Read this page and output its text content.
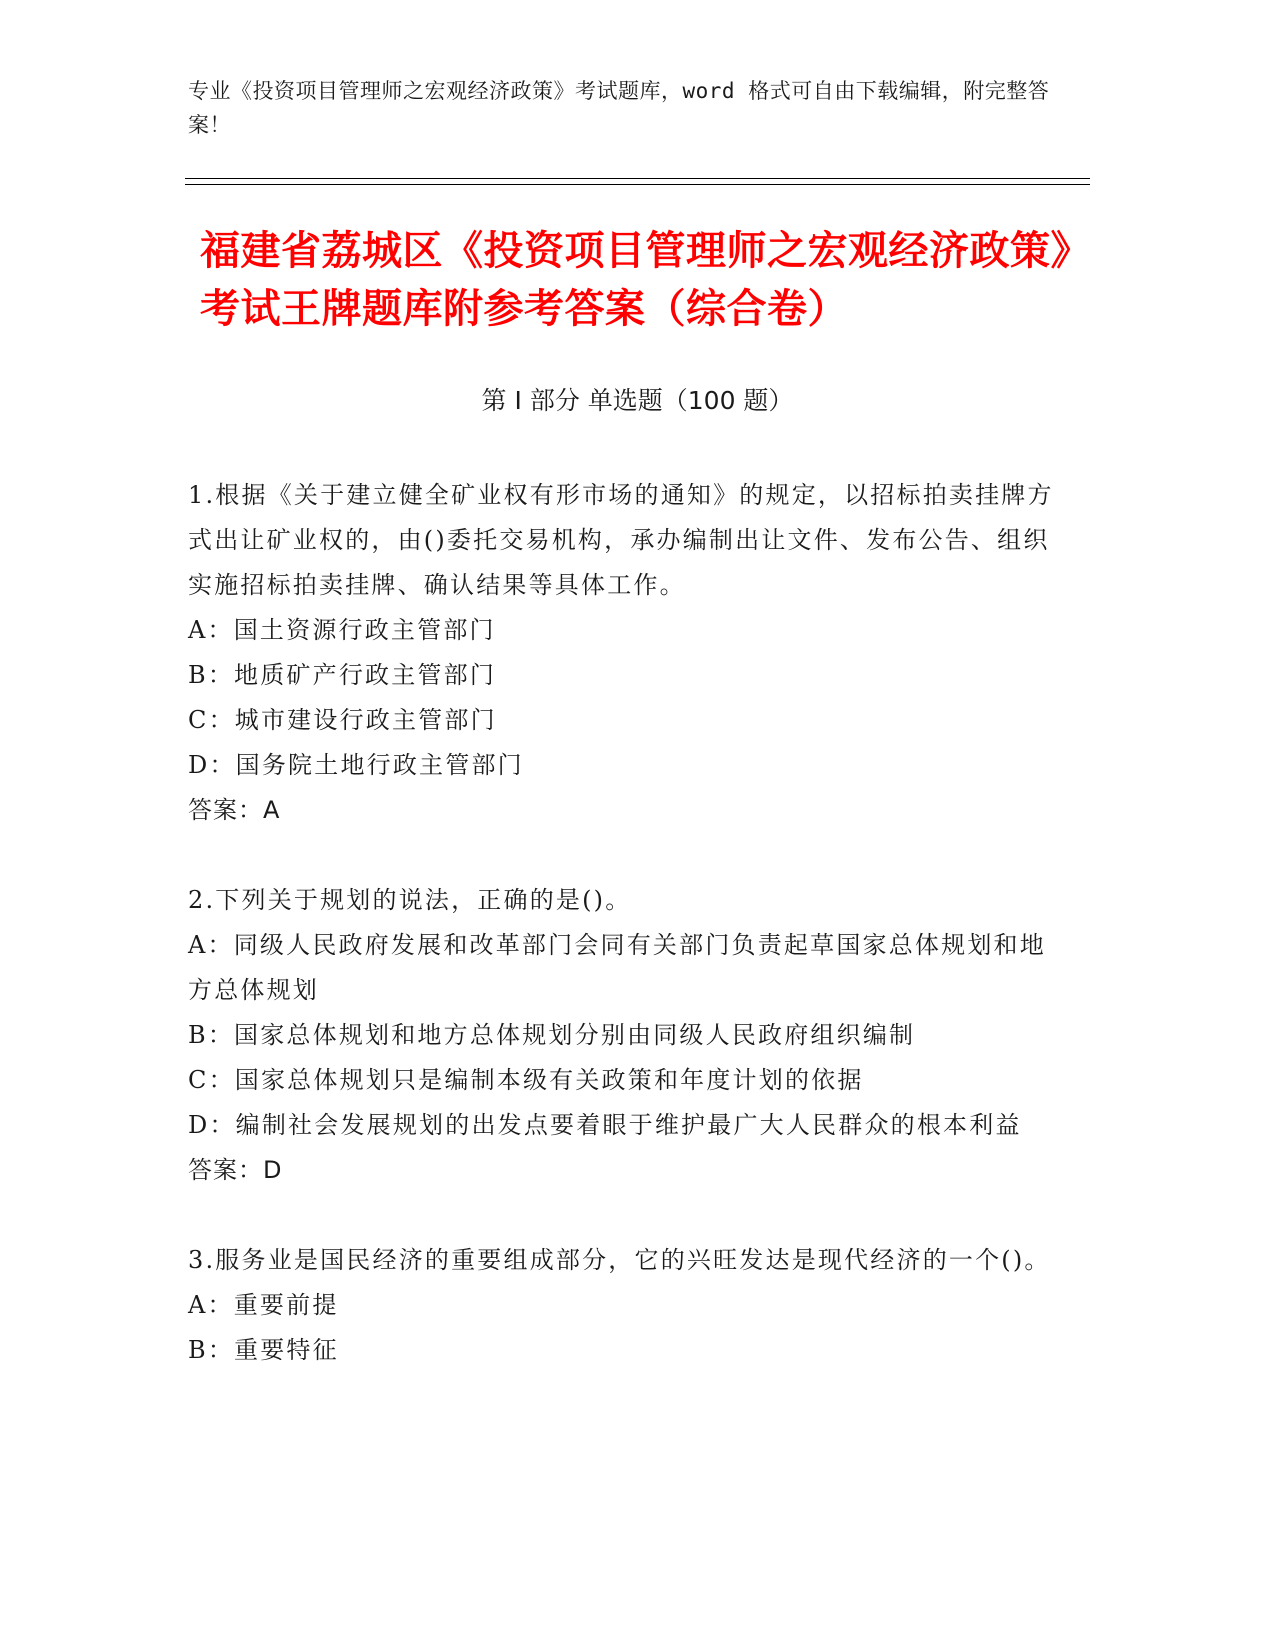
专业《投资项目管理师之宏观经济政策》考试题库，word 格式可自由下载编辑，附完整答案！
福建省荔城区《投资项目管理师之宏观经济政策》考试王牌题库附参考答案（综合卷）
第 I 部分 单选题（100 题）

1.根据《关于建立健全矿业权有形市场的通知》的规定，以招标拍卖挂牌方式出让矿业权的，由()委托交易机构，承办编制出让文件、发布公告、组织实施招标拍卖挂牌、确认结果等具体工作。

A：国土资源行政主管部门

B：地质矿产行政主管部门

C：城市建设行政主管部门

D：国务院土地行政主管部门

答案：A

2.下列关于规划的说法，正确的是()。

A：同级人民政府发展和改革部门会同有关部门负责起草国家总体规划和地方总体规划

B：国家总体规划和地方总体规划分别由同级人民政府组织编制

C：国家总体规划只是编制本级有关政策和年度计划的依据

D：编制社会发展规划的出发点要着眼于维护最广大人民群众的根本利益

答案：D

3.服务业是国民经济的重要组成部分，它的兴旺发达是现代经济的一个()。

A：重要前提

B：重要特征
